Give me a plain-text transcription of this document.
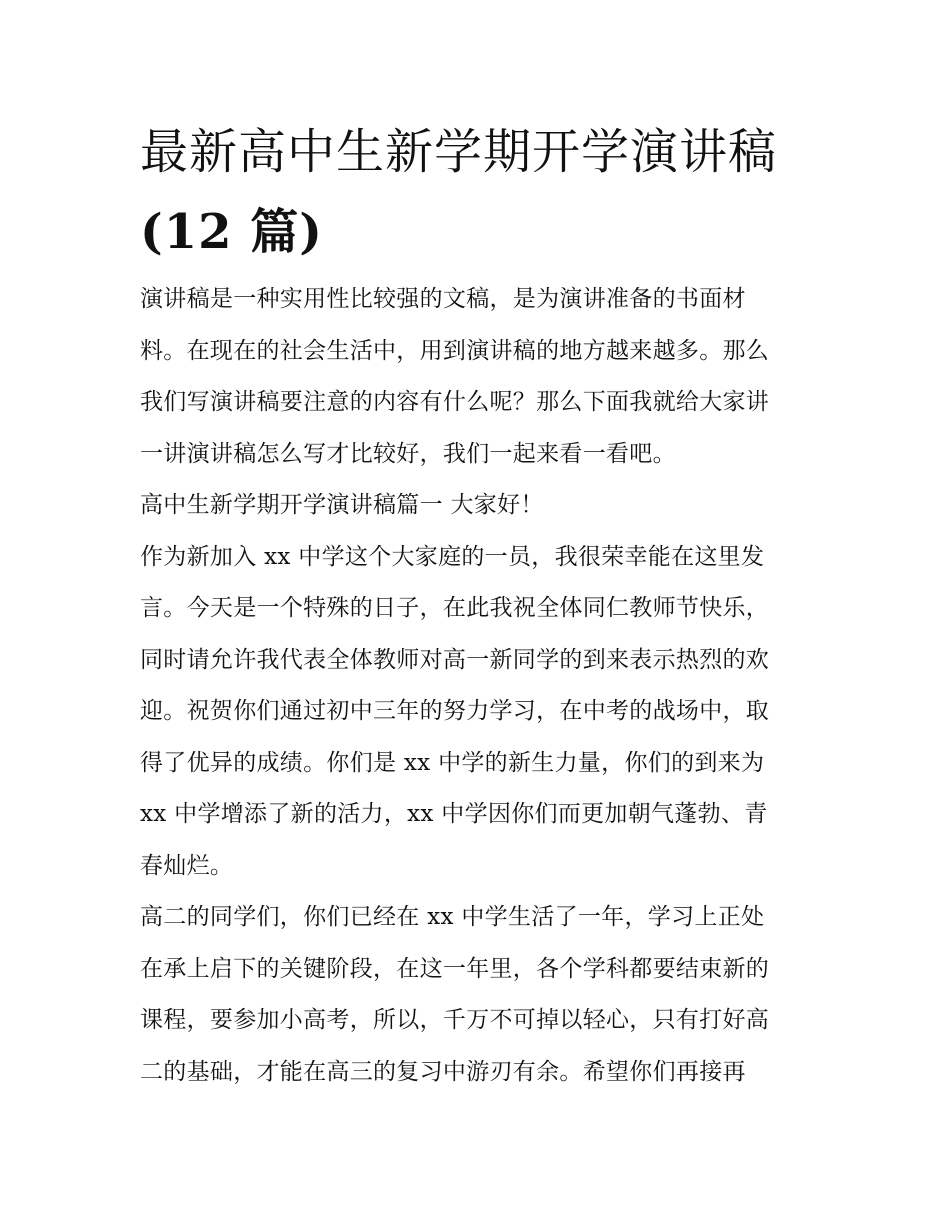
最新高中生新学期开学演讲稿
(12 篇)
演讲稿是一种实用性比较强的文稿，是为演讲准备的书面材
料。在现在的社会生活中，用到演讲稿的地方越来越多。那么
我们写演讲稿要注意的内容有什么呢？那么下面我就给大家讲
一讲演讲稿怎么写才比较好，我们一起来看一看吧。
高中生新学期开学演讲稿篇一 大家好！
作为新加入 xx 中学这个大家庭的一员，我很荣幸能在这里发
言。今天是一个特殊的日子，在此我祝全体同仁教师节快乐，
同时请允许我代表全体教师对高一新同学的到来表示热烈的欢
迎。祝贺你们通过初中三年的努力学习，在中考的战场中，取
得了优异的成绩。你们是 xx 中学的新生力量，你们的到来为
xx 中学增添了新的活力，xx 中学因你们而更加朝气蓬勃、青
春灿烂。
高二的同学们，你们已经在 xx 中学生活了一年，学习上正处
在承上启下的关键阶段，在这一年里，各个学科都要结束新的
课程，要参加小高考，所以，千万不可掉以轻心，只有打好高
二的基础，才能在高三的复习中游刃有余。希望你们再接再
